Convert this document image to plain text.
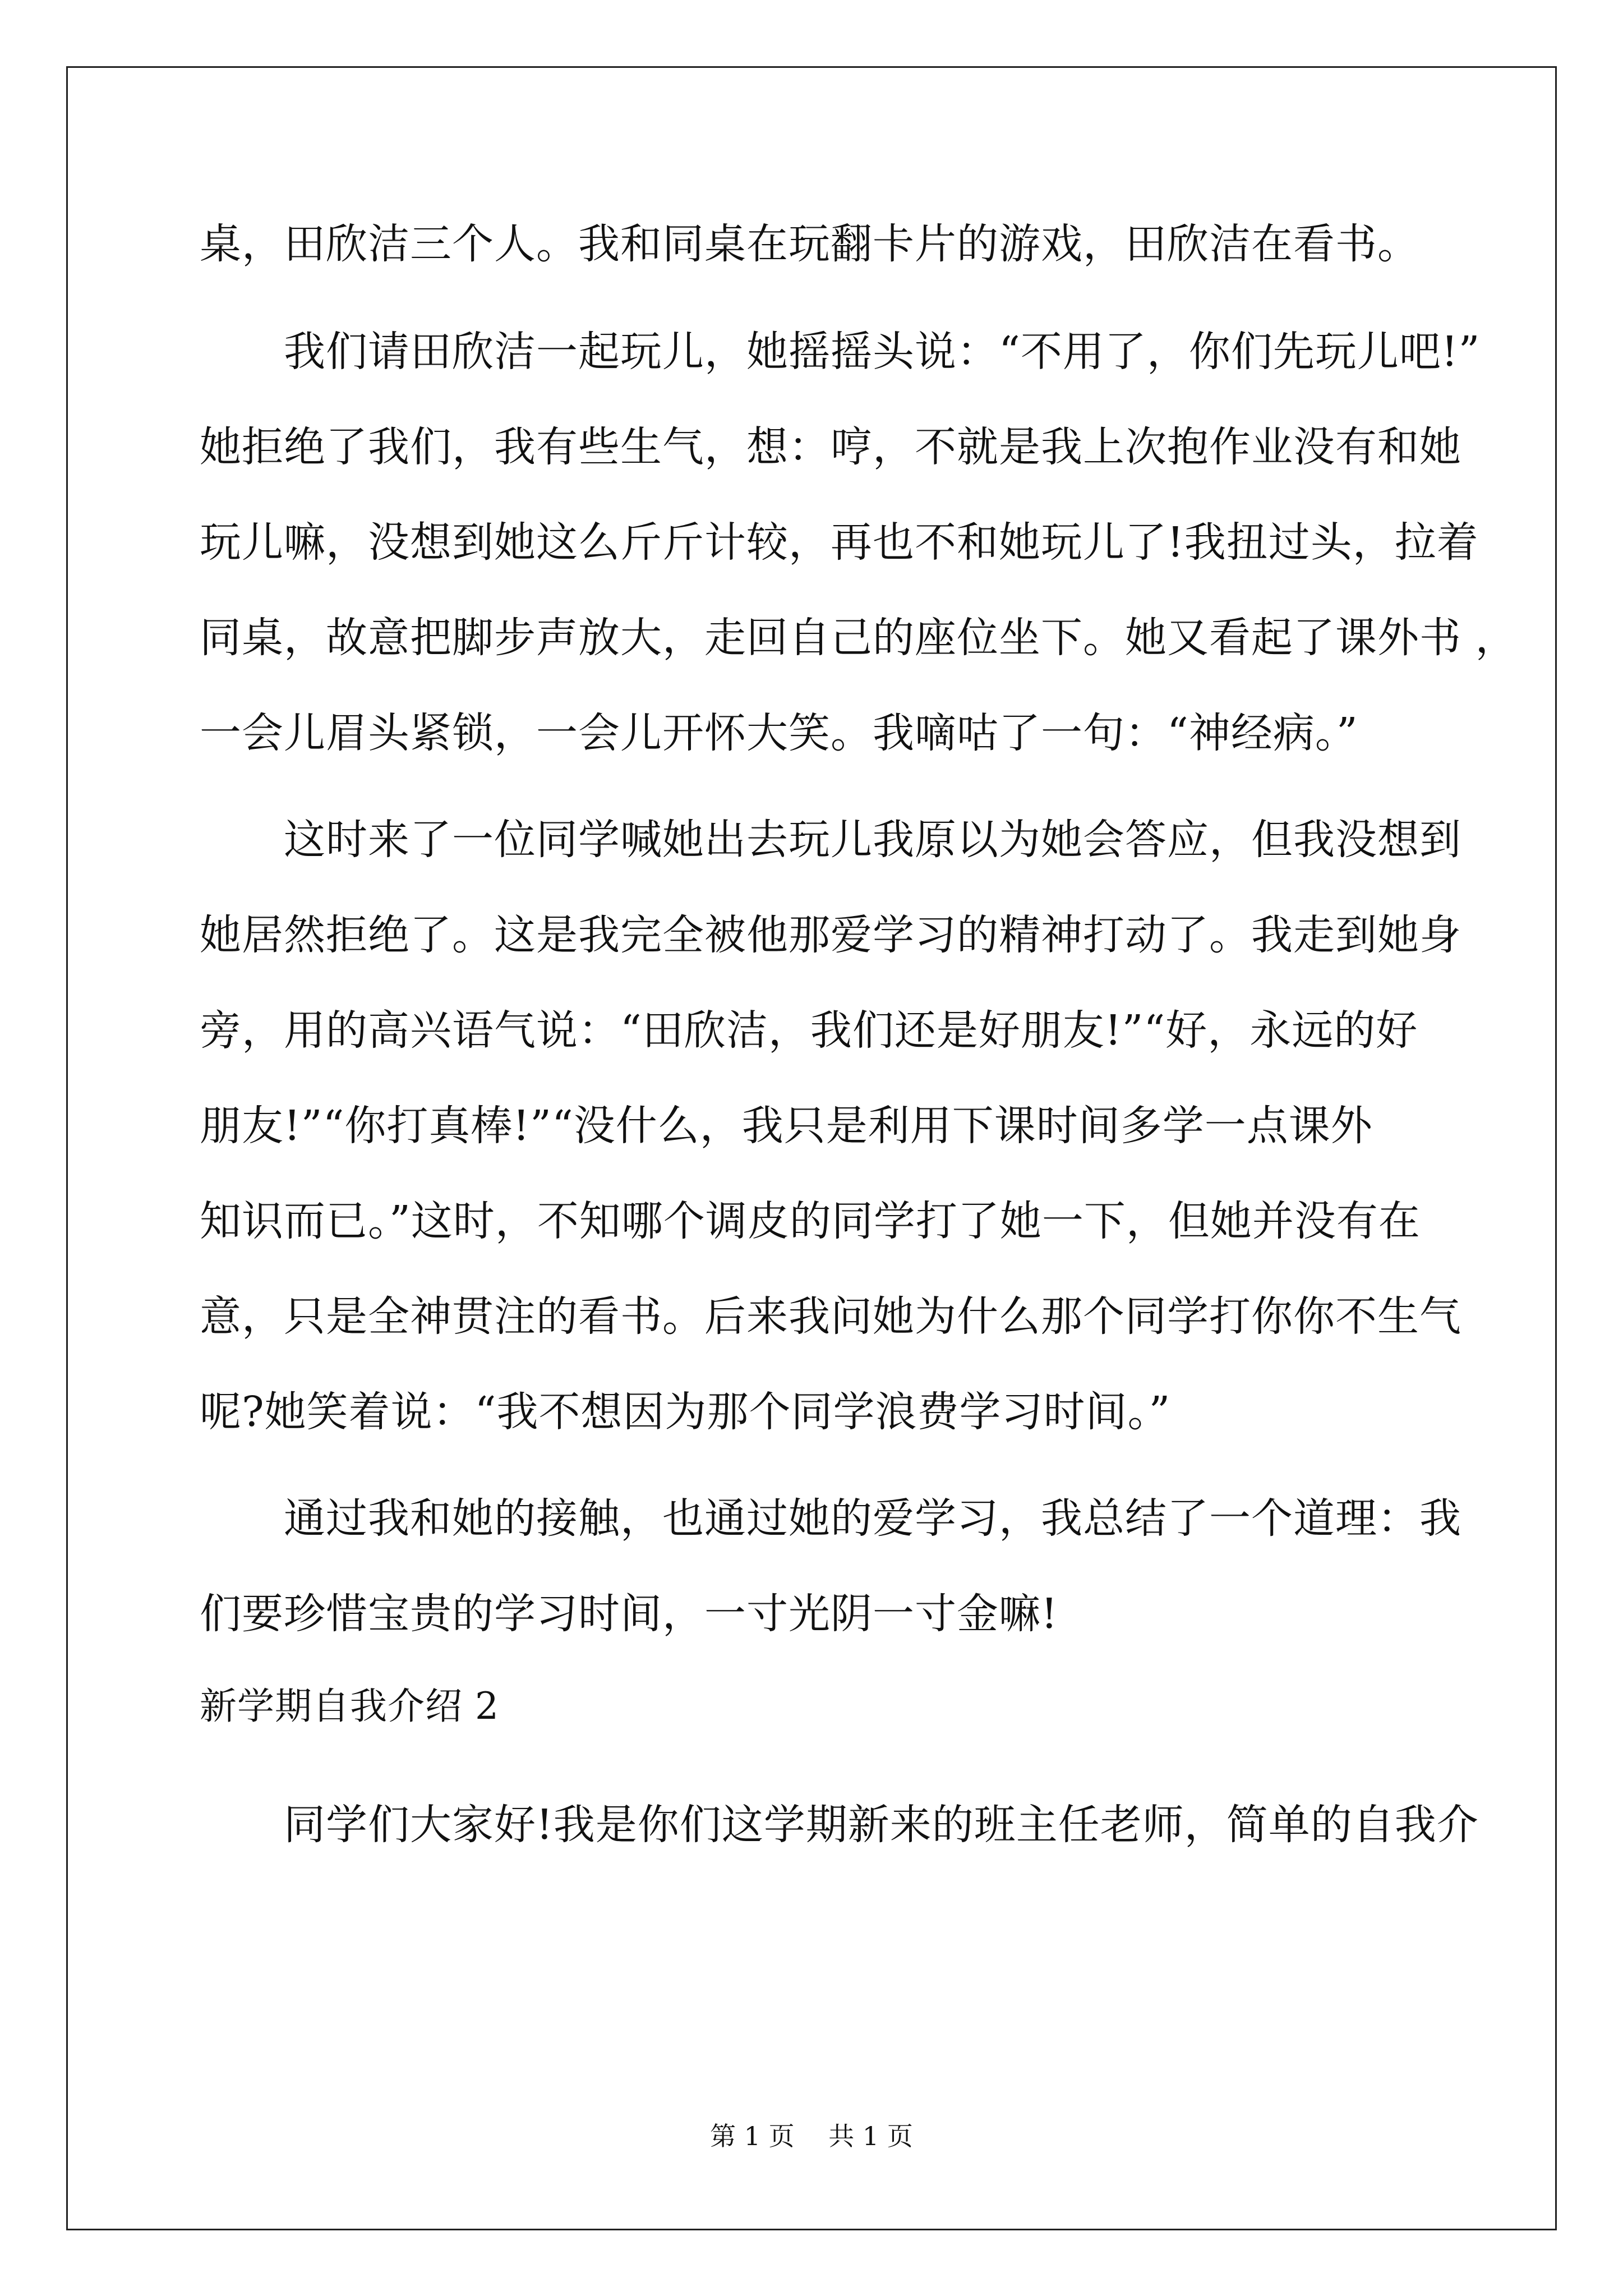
桌，田欣洁三个人。我和同桌在玩翻卡片的游戏，田欣洁在看书。

　　我们请田欣洁一起玩儿，她摇摇头说：“不用了，你们先玩儿吧!”

她拒绝了我们，我有些生气，想：哼，不就是我上次抱作业没有和她

玩儿嘛，没想到她这么斤斤计较，再也不和她玩儿了!我扭过头，拉着

同桌，故意把脚步声放大，走回自己的座位坐下。她又看起了课外书 ，

一会儿眉头紧锁，一会儿开怀大笑。我嘀咕了一句：“神经病。”

　　这时来了一位同学喊她出去玩儿我原以为她会答应，但我没想到

她居然拒绝了。这是我完全被他那爱学习的精神打动了。我走到她身

旁，用的高兴语气说：“田欣洁，我们还是好朋友!”“好，永远的好

朋友!”“你打真棒!”“没什么，我只是利用下课时间多学一点课外

知识而已。”这时，不知哪个调皮的同学打了她一下，但她并没有在

意，只是全神贯注的看书。后来我问她为什么那个同学打你你不生气

呢?她笑着说：“我不想因为那个同学浪费学习时间。”

　　通过我和她的接触，也通过她的爱学习，我总结了一个道理：我

们要珍惜宝贵的学习时间，一寸光阴一寸金嘛!

新学期自我介绍 2

　　同学们大家好!我是你们这学期新来的班主任老师，简单的自我介

第 1 页　 共 1 页
